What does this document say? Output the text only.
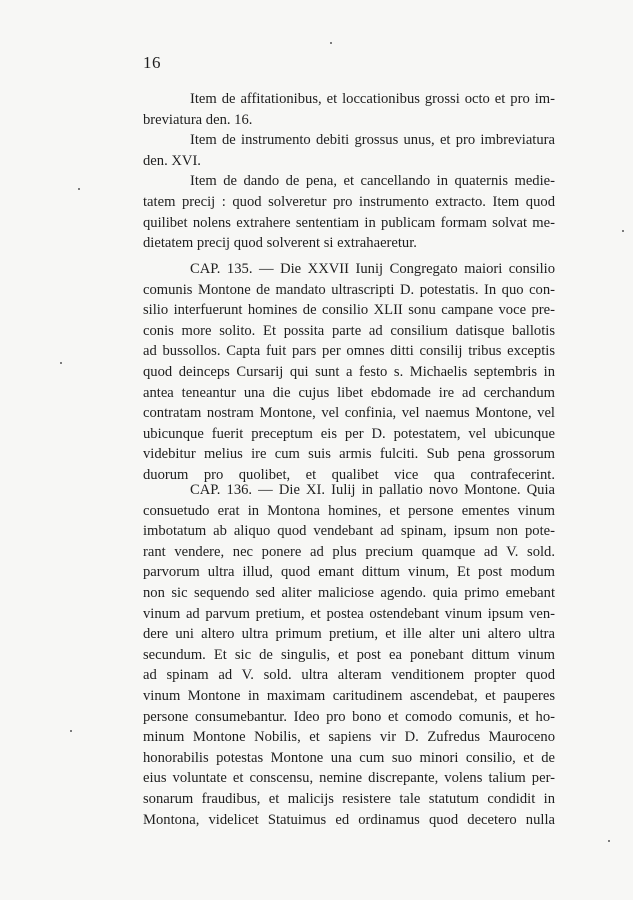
16
Item de affitationibus, et loccationibus grossi octo et pro im-
breviatura den. 16.
Item de instrumento debiti grossus unus, et pro imbreviatura
den. XVI.
Item de dando de pena, et cancellando in quaternis medie-
tatem precij : quod solveretur pro instrumento extracto. Item quod
quilibet nolens extrahere sententiam in publicam formam solvat me-
dietatem precij quod solverent si extrahaeretur.
CAP. 135. — Die XXVII Iunij Congregato maiori consilio
comunis Montone de mandato ultrascripti D. potestatis. In quo con-
silio interfuerunt homines de consilio XLII sonu campane voce pre-
conis more solito. Et possita parte ad consilium datisque ballotis
ad bussollos. Capta fuit pars per omnes ditti consilij tribus exceptis
quod deinceps Cursarij qui sunt a festo s. Michaelis septembris in
antea teneantur una die cujus libet ebdomade ire ad cerchandum
contratam nostram Montone, vel confinia, vel naemus Montone, vel
ubicunque fuerit preceptum eis per D. potestatem, vel ubicunque
videbitur melius ire cum suis armis fulciti. Sub pena grossorum
duorum pro quolibet, et qualibet vice qua contrafecerint.
CAP. 136. — Die XI. Iulij in pallatio novo Montone. Quia
consuetudo erat in Montona homines, et persone ementes vinum
imbotatum ab aliquo quod vendebant ad spinam, ipsum non pote-
rant vendere, nec ponere ad plus precium quamque ad V. sold.
parvorum ultra illud, quod emant dittum vinum, Et post modum
non sic sequendo sed aliter maliciose agendo. quia primo emebant
vinum ad parvum pretium, et postea ostendebant vinum ipsum ven-
dere uni altero ultra primum pretium, et ille alter uni altero ultra
secundum. Et sic de singulis, et post ea ponebant dittum vinum
ad spinam ad V. sold. ultra alteram venditionem propter quod
vinum Montone in maximam caritudinem ascendebat, et pauperes
persone consumebantur. Ideo pro bono et comodo comunis, et ho-
minum Montone Nobilis, et sapiens vir D. Zufredus Mauroceno
honorabilis potestas Montone una cum suo minori consilio, et de
eius voluntate et conscensu, nemine discrepante, volens talium per-
sonarum fraudibus, et malicijs resistere tale statutum condidit in
Montona, videlicet Statuimus ed ordinamus quod decetero nulla
